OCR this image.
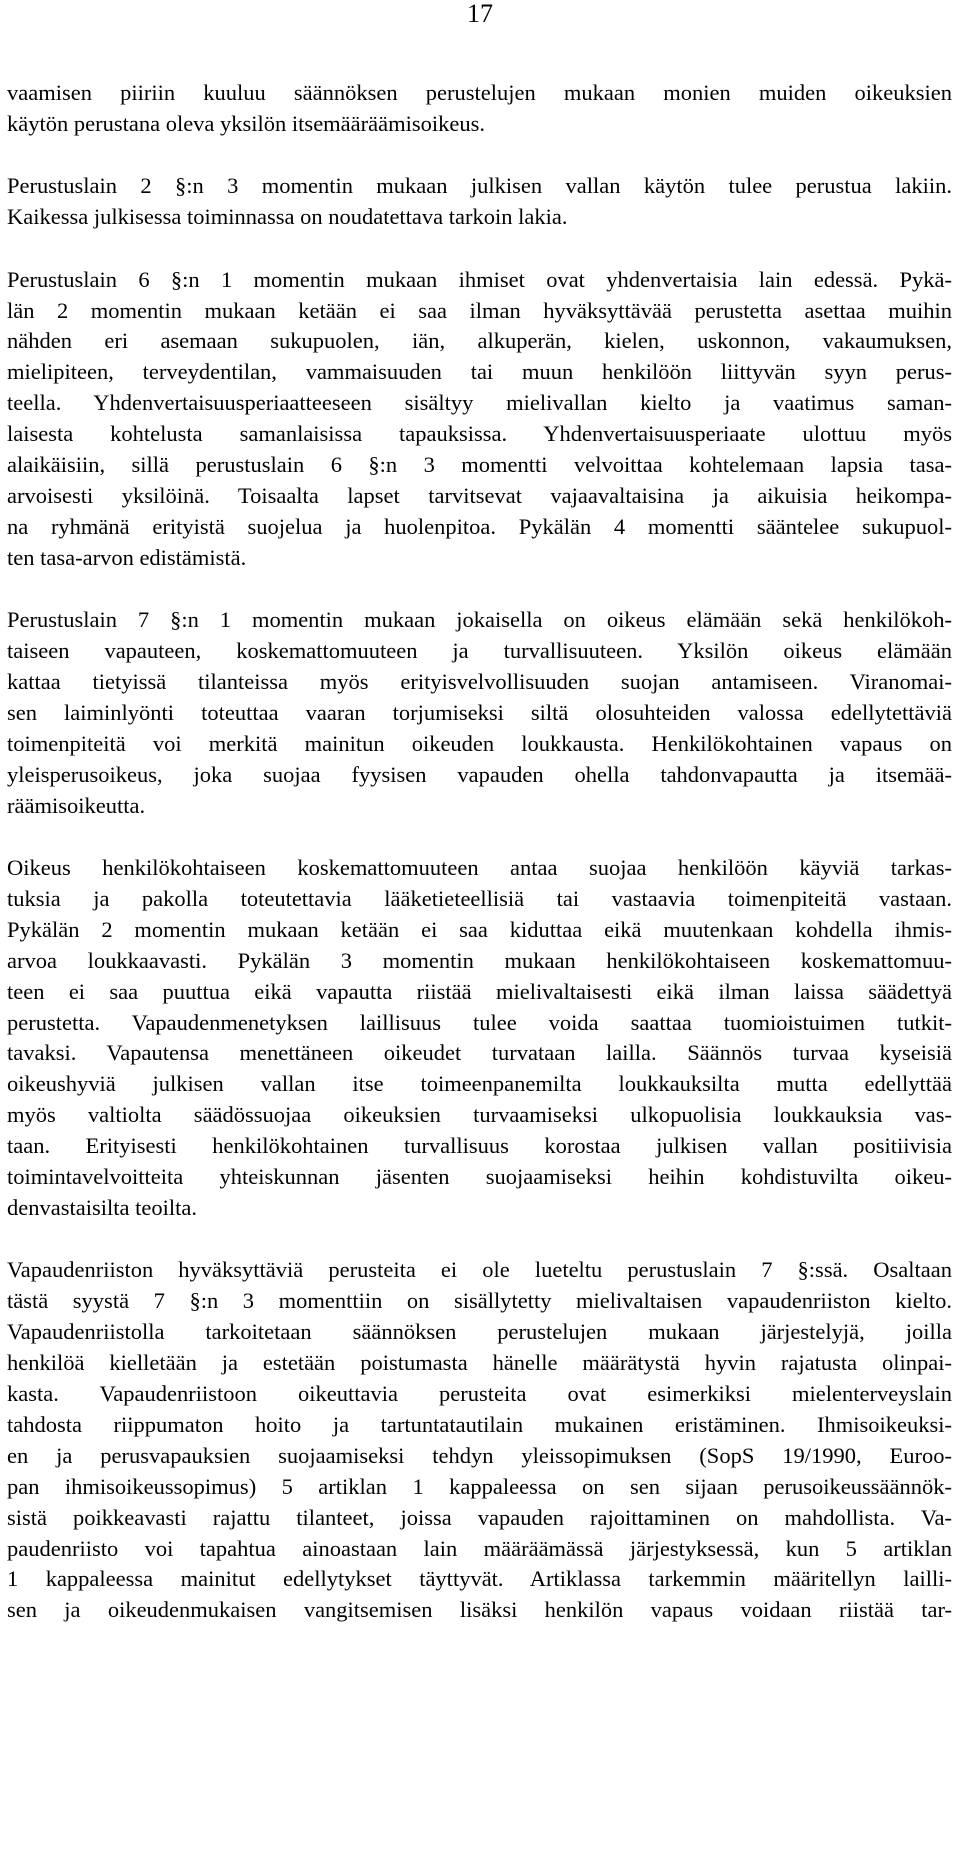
17
vaamisen piiriin kuuluu säännöksen perustelujen mukaan monien muiden oikeuksien
käytön perustana oleva yksilön itsemääräämisoikeus.
Perustuslain 2 §:n 3 momentin mukaan julkisen vallan käytön tulee perustua lakiin.
Kaikessa julkisessa toiminnassa on noudatettava tarkoin lakia.
Perustuslain 6 §:n 1 momentin mukaan ihmiset ovat yhdenvertaisia lain edessä. Pykä-
län 2 momentin mukaan ketään ei saa ilman hyväksyttävää perustetta asettaa muihin
nähden eri asemaan sukupuolen, iän, alkuperän, kielen, uskonnon, vakaumuksen,
mielipiteen, terveydentilan, vammaisuuden tai muun henkilöön liittyvän syyn perus-
teella. Yhdenvertaisuusperiaatteeseen sisältyy mielivallan kielto ja vaatimus saman-
laisesta kohtelusta samanlaisissa tapauksissa. Yhdenvertaisuusperiaate ulottuu myös
alaikäisiin, sillä perustuslain 6 §:n 3 momentti velvoittaa kohtelemaan lapsia tasa-
arvoisesti yksilöinä. Toisaalta lapset tarvitsevat vajaavaltaisina ja aikuisia heikompa-
na ryhmänä erityistä suojelua ja huolenpitoa. Pykälän 4 momentti sääntelee sukupuol-
ten tasa-arvon edistämistä.
Perustuslain 7 §:n 1 momentin mukaan jokaisella on oikeus elämään sekä henkilökoh-
taiseen vapauteen, koskemattomuuteen ja turvallisuuteen. Yksilön oikeus elämään
kattaa tietyissä tilanteissa myös erityisvelvollisuuden suojan antamiseen. Viranomai-
sen laiminlyönti toteuttaa vaaran torjumiseksi siltä olosuhteiden valossa edellytettäviä
toimenpiteitä voi merkitä mainitun oikeuden loukkausta. Henkilökohtainen vapaus on
yleisperusoikeus, joka suojaa fyysisen vapauden ohella tahdonvapautta ja itsemää-
räämisoikeutta.
Oikeus henkilökohtaiseen koskemattomuuteen antaa suojaa henkilöön käyviä tarkas-
tuksia ja pakolla toteutettavia lääketieteellisiä tai vastaavia toimenpiteitä vastaan.
Pykälän 2 momentin mukaan ketään ei saa kiduttaa eikä muutenkaan kohdella ihmis-
arvoa loukkaavasti. Pykälän 3 momentin mukaan henkilökohtaiseen koskemattomuu-
teen ei saa puuttua eikä vapautta riistää mielivaltaisesti eikä ilman laissa säädettyä
perustetta. Vapaudenmenetyksen laillisuus tulee voida saattaa tuomioistuimen tutkit-
tavaksi. Vapautensa menettäneen oikeudet turvataan lailla. Säännös turvaa kyseisiä
oikeushyviä julkisen vallan itse toimeenpanemilta loukkauksilta mutta edellyttää
myös valtiolta säädössuojaa oikeuksien turvaamiseksi ulkopuolisia loukkauksia vas-
taan. Erityisesti henkilökohtainen turvallisuus korostaa julkisen vallan positiivisia
toimintavelvoitteita yhteiskunnan jäsenten suojaamiseksi heihin kohdistuvilta oikeu-
denvastaisilta teoilta.
Vapaudenriiston hyväksyttäviä perusteita ei ole lueteltu perustuslain 7 §:ssä. Osaltaan
tästä syystä 7 §:n 3 momenttiin on sisällytetty mielivaltaisen vapaudenriiston kielto.
Vapaudenriistolla tarkoitetaan säännöksen perustelujen mukaan järjestelyjä, joilla
henkilöä kielletään ja estetään poistumasta hänelle määrätystä hyvin rajatusta olinpai-
kasta. Vapaudenriistoon oikeuttavia perusteita ovat esimerkiksi mielenterveyslain
tahdosta riippumaton hoito ja tartuntatautilain mukainen eristäminen. Ihmisoikeuksi-
en ja perusvapauksien suojaamiseksi tehdyn yleissopimuksen (SopS 19/1990, Euroo-
pan ihmisoikeussopimus) 5 artiklan 1 kappaleessa on sen sijaan perusoikeussäännök-
sistä poikkeavasti rajattu tilanteet, joissa vapauden rajoittaminen on mahdollista. Va-
paudenriisto voi tapahtua ainoastaan lain määräämässä järjestyksessä, kun 5 artiklan
1 kappaleessa mainitut edellytykset täyttyvät. Artiklassa tarkemmin määritellyn lailli-
sen ja oikeudenmukaisen vangitsemisen lisäksi henkilön vapaus voidaan riistää tar-
